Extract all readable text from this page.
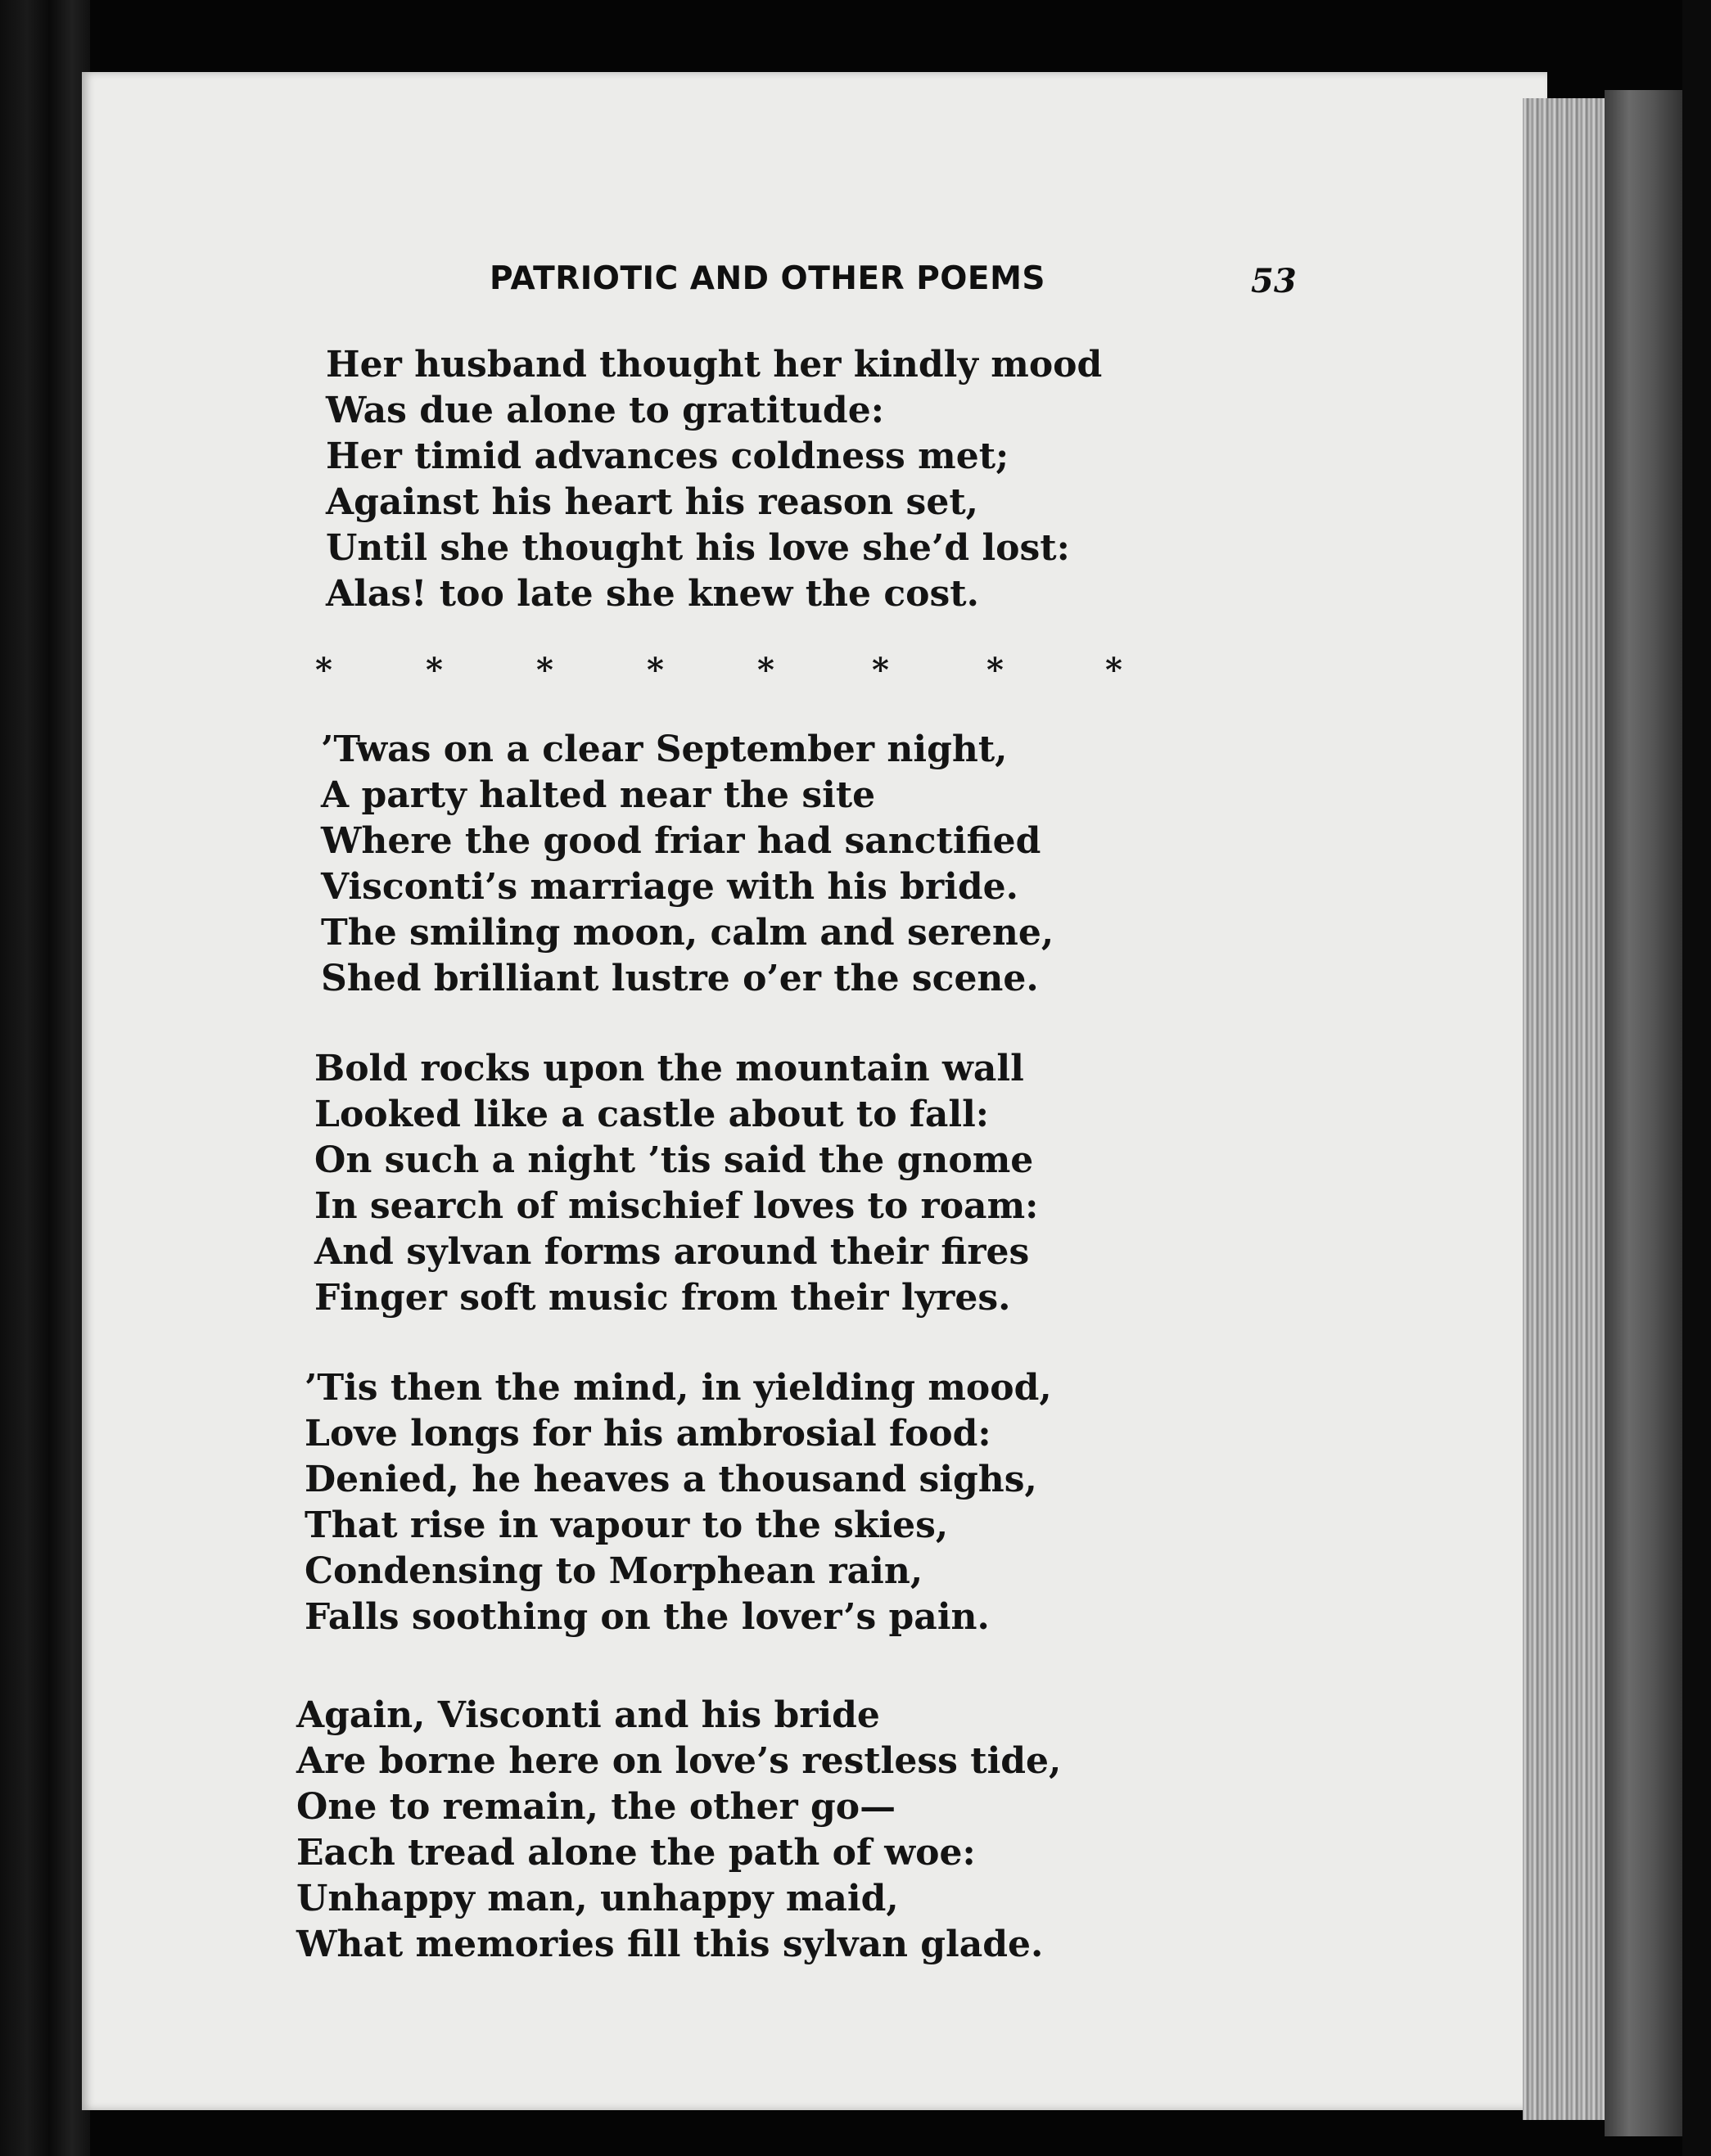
PATRIOTIC AND OTHER POEMS	53
Her husband thought her kindly mood
Was due alone to gratitude:
Her timid advances coldness met;
Against his heart his reason set,
Until she thought his love she’d lost:
Alas! too late she knew the cost.
*	*	*	*	*	*	*	*
’Twas on a clear September night,
A party halted near the site
Where the good friar had sanctified
Visconti’s marriage with his bride.
The smiling moon, calm and serene,
Shed brilliant lustre o’er the scene.
Bold rocks upon the mountain wall
Looked like a castle about to fall:
On such a night ’tis said the gnome
In search of mischief loves to roam:
And sylvan forms around their fires
Finger soft music from their lyres.
’Tis then the mind, in yielding mood,
Love longs for his ambrosial food:
Denied, he heaves a thousand sighs,
That rise in vapour to the skies,
Condensing to Morphean rain,
Falls soothing on the lover’s pain.
Again, Visconti and his bride
Are borne here on love’s restless tide,
One to remain, the other go—
Each tread alone the path of woe:
Unhappy man, unhappy maid,
What memories fill this sylvan glade.
